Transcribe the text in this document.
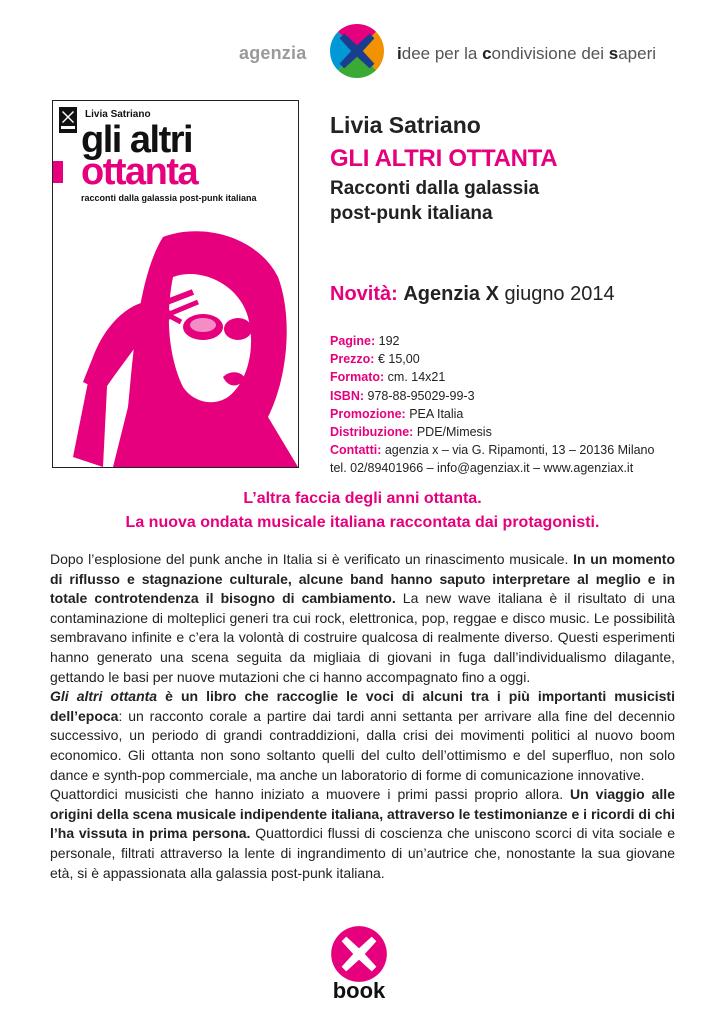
agenzia	idee per la condivisione dei saperi
Livia Satriano
gli altri
ottanta
racconti dalla galassia post-punk italiana
Livia Satriano
GLI ALTRI OTTANTA
Racconti dalla galassia
post-punk italiana
Novità: Agenzia X giugno 2014
Pagine: 192
Prezzo: € 15,00
Formato: cm. 14x21
ISBN: 978-88-95029-99-3
Promozione: PEA Italia
Distribuzione: PDE/Mimesis
Contatti: agenzia x – via G. Ripamonti, 13 – 20136 Milano
tel. 02/89401966 – info@agenziax.it – www.agenziax.it
L’altra faccia degli anni ottanta.
La nuova ondata musicale italiana raccontata dai protagonisti.

Dopo l’esplosione del punk anche in Italia si è verificato un rinascimento musicale. In un momento di riflusso e stagnazione culturale, alcune band hanno saputo interpretare al meglio e in totale controtendenza il bisogno di cambiamento. La new wave italiana è il risultato di una contaminazione di molteplici generi tra cui rock, elettronica, pop, reggae e disco music. Le possibilità sembravano infinite e c’era la volontà di costruire qualcosa di realmente diverso. Questi esperimenti hanno generato una scena seguita da migliaia di giovani in fuga dall’individualismo dilagante, gettando le basi per nuove mutazioni che ci hanno accompagnato fino a oggi.

Gli altri ottanta è un libro che raccoglie le voci di alcuni tra i più importanti musicisti dell’epoca: un racconto corale a partire dai tardi anni settanta per arrivare alla fine del decennio successivo, un periodo di grandi contraddizioni, dalla crisi dei movimenti politici al nuovo boom economico. Gli ottanta non sono soltanto quelli del culto dell’ottimismo e del superfluo, non solo dance e synth-pop commerciale, ma anche un laboratorio di forme di comunicazione innovative.

Quattordici musicisti che hanno iniziato a muovere i primi passi proprio allora. Un viaggio alle origini della scena musicale indipendente italiana, attraverso le testimonianze e i ricordi di chi l’ha vissuta in prima persona. Quattordici flussi di coscienza che uniscono scorci di vita sociale e personale, filtrati attraverso la lente di ingrandimento di un’autrice che, nonostante la sua giovane età, si è appassionata alla galassia post-punk italiana.

book
